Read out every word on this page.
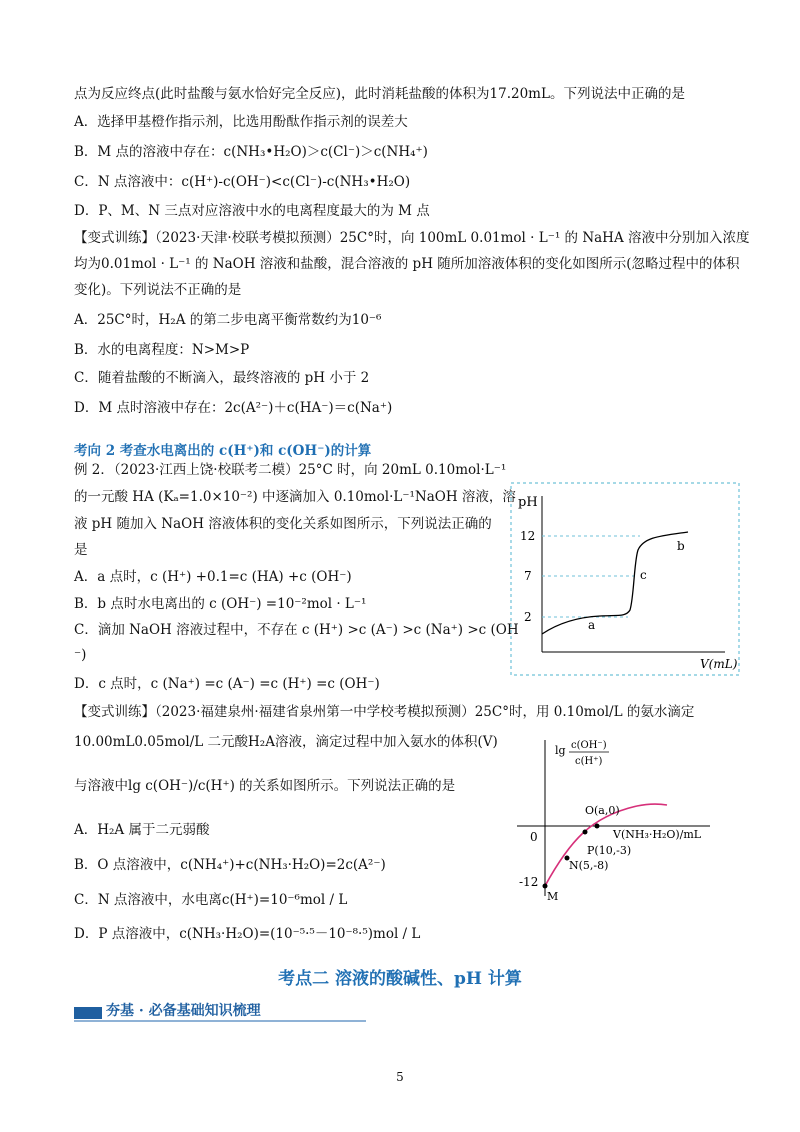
点为反应终点(此时盐酸与氨水恰好完全反应)，此时消耗盐酸的体积为17.20mL。下列说法中正确的是
A．选择甲基橙作指示剂，比选用酚酞作指示剂的误差大
B．M 点的溶液中存在：c(NH₃•H₂O)＞c(Cl⁻)＞c(NH₄⁺)
C．N 点溶液中：c(H⁺)-c(OH⁻)<c(Cl⁻)-c(NH₃•H₂O)
D．P、M、N 三点对应溶液中水的电离程度最大的为 M 点
【变式训练】（2023·天津·校联考模拟预测）25C°时，向 100mL 0.01mol · L⁻¹ 的 NaHA 溶液中分别加入浓度
均为0.01mol · L⁻¹ 的 NaOH 溶液和盐酸，混合溶液的 pH 随所加溶液体积的变化如图所示(忽略过程中的体积
变化)。下列说法不正确的是
A．25C°时，H₂A 的第二步电离平衡常数约为10⁻⁶
B．水的电离程度：N>M>P
C．随着盐酸的不断滴入，最终溶液的 pH 小于 2
D．M 点时溶液中存在：2c(A²⁻)＋c(HA⁻)＝c(Na⁺)
例 2．（2023·江西上饶·校联考二模）25°C 时，向 20mL 0.10mol·L⁻¹
的一元酸 HA (Kₐ=1.0×10⁻²) 中逐滴加入 0.10mol·L⁻¹NaOH 溶液，溶
液 pH 随加入 NaOH 溶液体积的变化关系如图所示，下列说法正确的
是
A．a 点时，c (H⁺) +0.1=c (HA) +c (OH⁻)
B．b 点时水电离出的 c (OH⁻) =10⁻²mol · L⁻¹
C．滴加 NaOH 溶液过程中，不存在 c (H⁺) >c (A⁻) >c (Na⁺) >c (OH
⁻)
D．c 点时，c (Na⁺) =c (A⁻) =c (H⁺) =c (OH⁻)
【变式训练】（2023·福建泉州·福建省泉州第一中学校考模拟预测）25C°时，用 0.10mol/L 的氨水滴定
10.00mL0.05mol/L 二元酸H₂A溶液，滴定过程中加入氨水的体积(V)
与溶液中lg c(OH⁻)/c(H⁺) 的关系如图所示。下列说法正确的是
A．H₂A 属于二元弱酸
B．O 点溶液中，c(NH₄⁺)+c(NH₃·H₂O)=2c(A²⁻)
C．N 点溶液中，水电离c(H⁺)=10⁻⁶mol / L
D．P 点溶液中，c(NH₃·H₂O)=(10⁻⁵·⁵－10⁻⁸·⁵)mol / L
考向 2 考查水电离出的 c(H⁺)和 c(OH⁻)的计算
pH
V(mL)
2
7
12
a
b
c
0
-12
lg c(OH⁻)
c(H⁺)
V(NH₃·H₂O)/mL
O(a,0)
P(10,-3)
N(5,-8)
M
考点二 溶液的酸碱性、pH 计算
夯基 · 必备基础知识梳理
5
